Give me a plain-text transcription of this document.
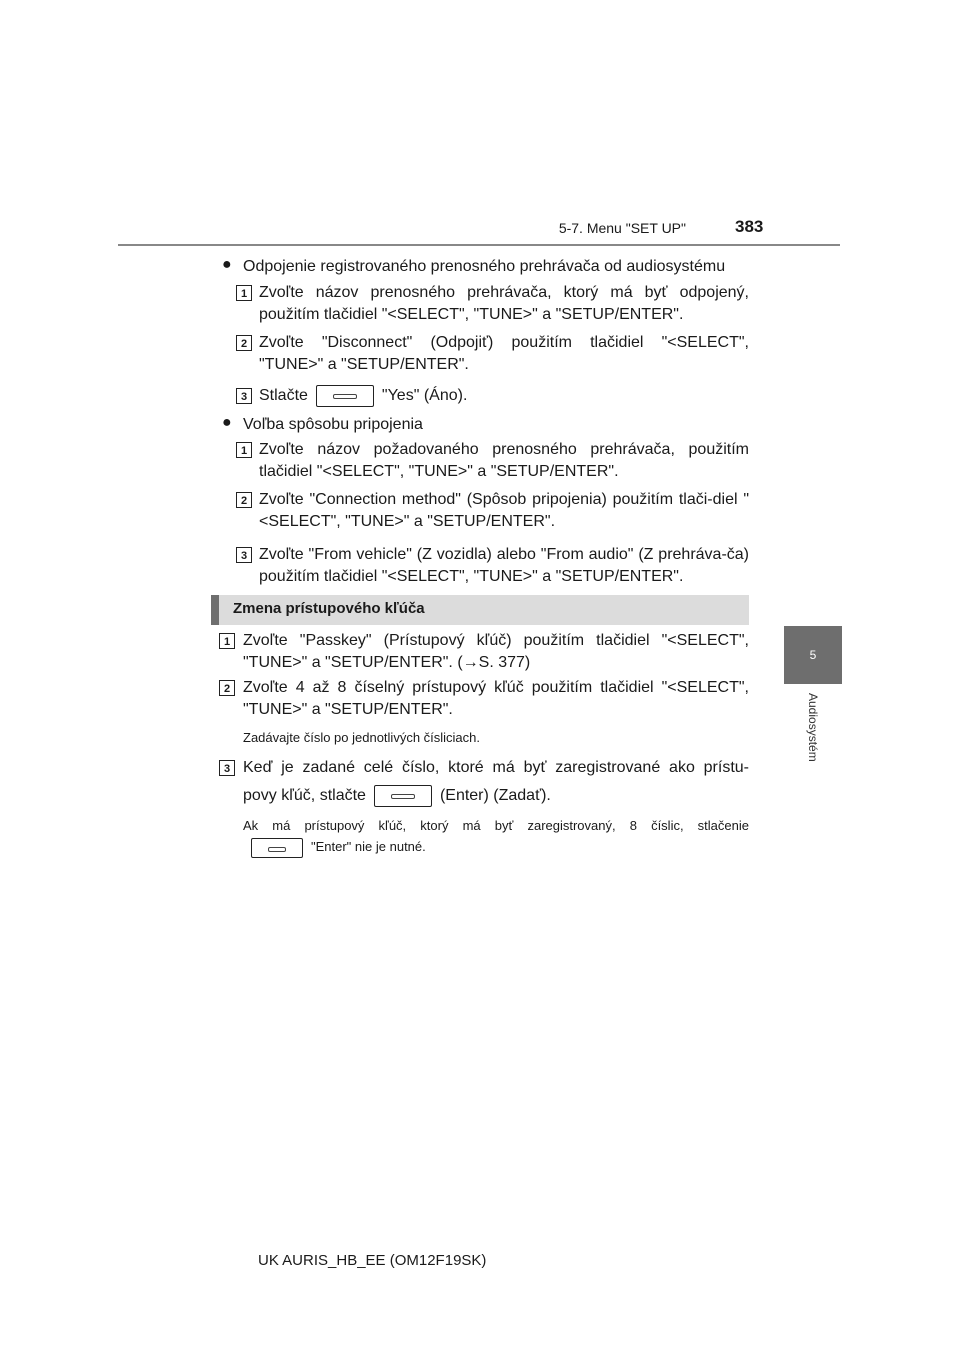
5-7. Menu "SET UP"	383
5
Audiosystém
● Odpojenie registrovaného prenosného prehrávača od audiosystému
1 Zvoľte názov prenosného prehrávača, ktorý má byť odpojený, použitím tlačidiel "<SELECT", "TUNE>" a "SETUP/ENTER".
2 Zvoľte "Disconnect" (Odpojiť) použitím tlačidiel "<SELECT", "TUNE>" a "SETUP/ENTER".
3 Stlačte	"Yes" (Áno).
● Voľba spôsobu pripojenia
1 Zvoľte názov požadovaného prenosného prehrávača, použitím tlačidiel "<SELECT", "TUNE>" a "SETUP/ENTER".
2 Zvoľte "Connection method" (Spôsob pripojenia) použitím tlači-diel "<SELECT", "TUNE>" a "SETUP/ENTER".
3 Zvoľte "From vehicle" (Z vozidla) alebo "From audio" (Z prehráva-ča) použitím tlačidiel "<SELECT", "TUNE>" a "SETUP/ENTER".
Zmena prístupového kľúča
1 Zvoľte "Passkey" (Prístupový kľúč) použitím tlačidiel "<SELECT", "TUNE>" a "SETUP/ENTER". (→S. 377)
2 Zvoľte 4 až 8 číselný prístupový kľúč použitím tlačidiel "<SELECT", "TUNE>" a "SETUP/ENTER".
Zadávajte číslo po jednotlivých čísliciach.
3 Keď je zadané celé číslo, ktoré má byť zaregistrované ako prístu-
povy kľúč, stlačte	(Enter) (Zadať).
Ak má prístupový kľúč, ktorý má byť zaregistrovaný, 8 číslic, stlačenie
"Enter" nie je nutné.
UK AURIS_HB_EE (OM12F19SK)
